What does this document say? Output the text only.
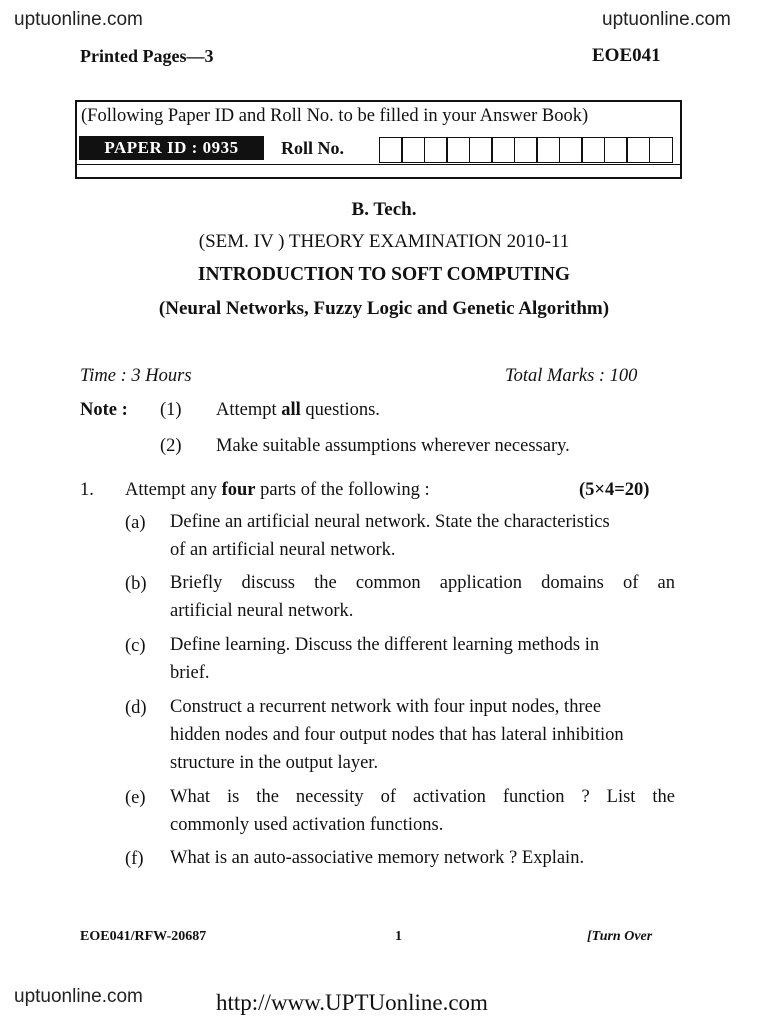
uptuonline.com	uptuonline.com
Printed Pages—3	EOE041
(Following Paper ID and Roll No. to be filled in your Answer Book)
PAPER ID : 0935	Roll No.
B. Tech.
(SEM. IV ) THEORY EXAMINATION 2010-11
INTRODUCTION TO SOFT COMPUTING
(Neural Networks, Fuzzy Logic and Genetic Algorithm)
Time : 3 Hours	Total Marks : 100
Note : (1) Attempt all questions.
(2) Make suitable assumptions wherever necessary.
1. Attempt any four parts of the following :	(5×4=20)
(a) Define an artificial neural network. State the characteristics
of an artificial neural network.
(b) Briefly discuss the common application domains of an
artificial neural network.
(c) Define learning. Discuss the different learning methods in
brief.
(d) Construct a recurrent network with four input nodes, three
hidden nodes and four output nodes that has lateral inhibition
structure in the output layer.
(e) What is the necessity of activation function ? List the
commonly used activation functions.
(f) What is an auto-associative memory network ? Explain.
EOE041/RFW-20687	1	[Turn Over
uptuonline.com	http://www.UPTUonline.com
